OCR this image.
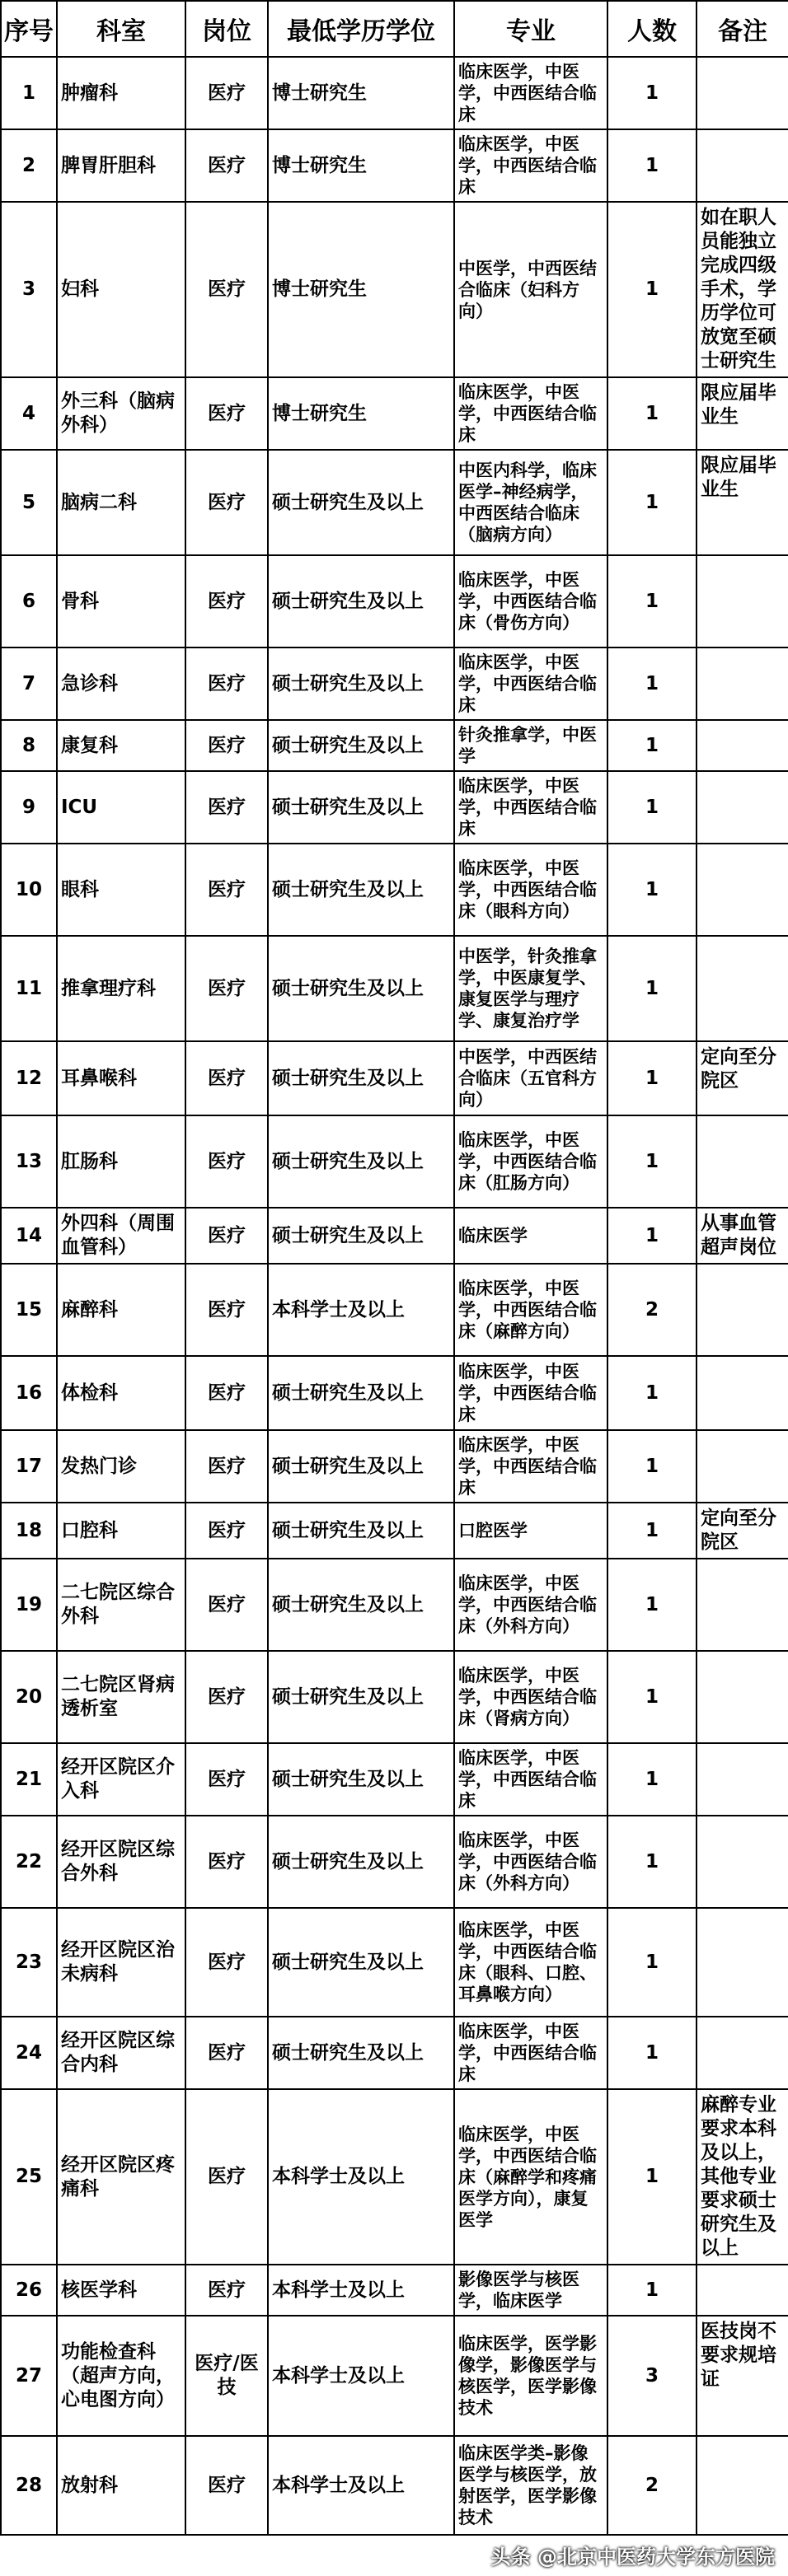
序号	科室	岗位	最低学历学位	专业	人数	备注
1	肿瘤科	医疗	博士研究生	临床医学，中医学，中西医结合临床	1	
2	脾胃肝胆科	医疗	博士研究生	临床医学，中医学，中西医结合临床	1	
3	妇科	医疗	博士研究生	中医学，中西医结合临床（妇科方向）	1	如在职人员能独立完成四级手术，学历学位可放宽至硕士研究生
4	外三科（脑病外科）	医疗	博士研究生	临床医学，中医学，中西医结合临床	1	限应届毕业生
5	脑病二科	医疗	硕士研究生及以上	中医内科学，临床医学–神经病学，中西医结合临床（脑病方向）	1	限应届毕业生
6	骨科	医疗	硕士研究生及以上	临床医学，中医学，中西医结合临床（骨伤方向）	1	
7	急诊科	医疗	硕士研究生及以上	临床医学，中医学，中西医结合临床	1	
8	康复科	医疗	硕士研究生及以上	针灸推拿学，中医学	1	
9	ICU	医疗	硕士研究生及以上	临床医学，中医学，中西医结合临床	1	
10	眼科	医疗	硕士研究生及以上	临床医学，中医学，中西医结合临床（眼科方向）	1	
11	推拿理疗科	医疗	硕士研究生及以上	中医学，针灸推拿学，中医康复学、康复医学与理疗学、康复治疗学	1	
12	耳鼻喉科	医疗	硕士研究生及以上	中医学，中西医结合临床（五官科方向）	1	定向至分院区
13	肛肠科	医疗	硕士研究生及以上	临床医学，中医学，中西医结合临床（肛肠方向）	1	
14	外四科（周围血管科）	医疗	硕士研究生及以上	临床医学	1	从事血管超声岗位
15	麻醉科	医疗	本科学士及以上	临床医学，中医学，中西医结合临床（麻醉方向）	2	
16	体检科	医疗	硕士研究生及以上	临床医学，中医学，中西医结合临床	1	
17	发热门诊	医疗	硕士研究生及以上	临床医学，中医学，中西医结合临床	1	
18	口腔科	医疗	硕士研究生及以上	口腔医学	1	定向至分院区
19	二七院区综合外科	医疗	硕士研究生及以上	临床医学，中医学，中西医结合临床（外科方向）	1	
20	二七院区肾病透析室	医疗	硕士研究生及以上	临床医学，中医学，中西医结合临床（肾病方向）	1	
21	经开区院区介入科	医疗	硕士研究生及以上	临床医学，中医学，中西医结合临床	1	
22	经开区院区综合外科	医疗	硕士研究生及以上	临床医学，中医学，中西医结合临床（外科方向）	1	
23	经开区院区治未病科	医疗	硕士研究生及以上	临床医学，中医学，中西医结合临床（眼科、口腔、耳鼻喉方向）	1	
24	经开区院区综合内科	医疗	硕士研究生及以上	临床医学，中医学，中西医结合临床	1	
25	经开区院区疼痛科	医疗	本科学士及以上	临床医学，中医学，中西医结合临床（麻醉学和疼痛医学方向），康复医学	1	麻醉专业要求本科及以上，其他专业要求硕士研究生及以上
26	核医学科	医疗	本科学士及以上	影像医学与核医学，临床医学	1	
27	功能检查科（超声方向，心电图方向）	医疗/医技	本科学士及以上	临床医学，医学影像学，影像医学与核医学，医学影像技术	3	医技岗不要求规培证
28	放射科	医疗	本科学士及以上	临床医学类–影像医学与核医学，放射医学，医学影像技术	2	
头条 @北京中医药大学东方医院
